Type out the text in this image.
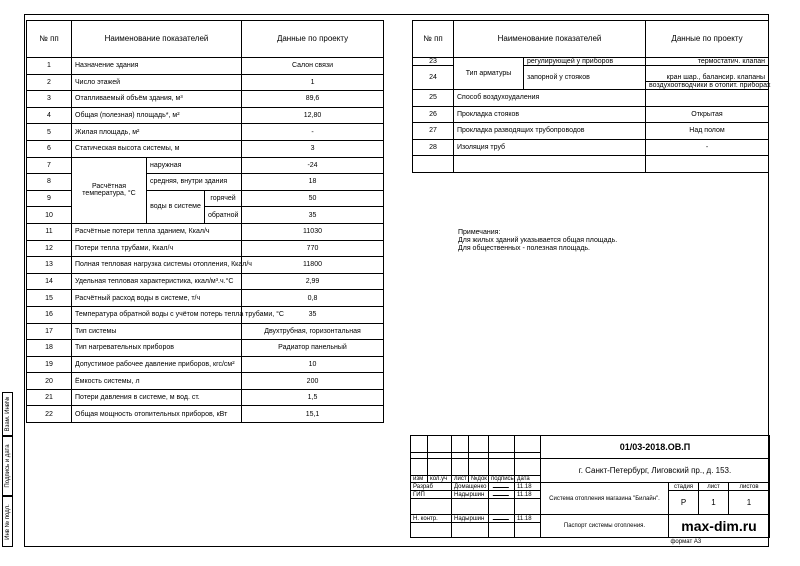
№ пп	Наименование показателей			Данные по проекту
1	Назначение здания			Салон связи
2	Число этажей			1
3	Отапливаемый объём здания, м³			89,6
4	Общая (полезная) площадь*, м²			12,80
5	Жилая площадь, м²			-
6	Статическая высота системы, м			3
7	Расчётная температура, °С	наружная		-24
8		средняя, внутри здания		18
9		воды в системе	горячей	50
10			обратной	35
11	Расчётные потери тепла зданием, Ккал/ч			11030
12	Потери тепла трубами, Ккал/ч			770
13	Полная тепловая нагрузка системы отопления, Ккал/ч			11800
14	Удельная тепловая характеристика, ккал/м³.ч.°С			2,99
15	Расчётный расход воды в системе, т/ч			0,8
16	Температура обратной воды с учётом потерь тепла трубами, °С			35
17	Тип системы			Двухтрубная, горизонтальная
18	Тип нагревательных приборов			Радиатор панельный
19	Допустимое рабочее давление приборов, кгс/см²			10
20	Ёмкость системы, л			200
21	Потери давления в системе, м вод. ст.			1,5
22	Общая мощность отопительных приборов, кВт			15,1
№ пп	Наименование показателей		Данные по проекту
23	Тип арматуры	регулирующей у приборов	термостатич. клапан
24		запорной у стояков	кран шар., балансир. клапаны
			воздухоотводчики в отопит. приборах
25	Способ воздухоудаления		
26	Прокладка стояков		Открытая
27	Прокладка разводящих трубопроводов		Над полом
28	Изоляция труб		-

Примечания:
Для жилых зданий указывается общая площадь.
Для общественных - полезная площадь.
Взам. Инв№
Подпись и дата
Инв № подл.
						01/03-2018.ОВ.П			

						г. Санкт-Петербург, Лиговский пр., д. 153.			
изм	кол.уч	лист	№док	подпись	дата				
Разраб		Домащенко			11.18	Система отопления магазина "Билайн".	стадия	лист	листов
ГИП		Надыршин			11.18		Р	1	1

Н. контр.		Надыршин			11.18	Паспорт системы отопления.	max-dim.ru		

							формат А3		
